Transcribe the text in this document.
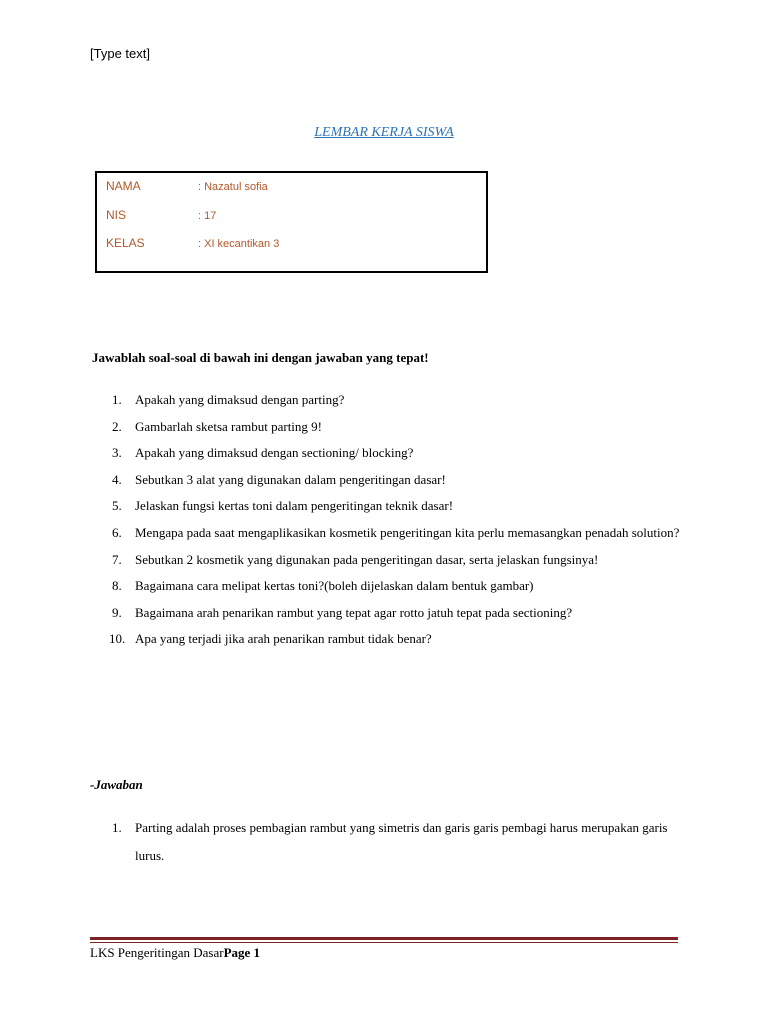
[Type text]
LEMBAR KERJA SISWA
NAMA	: Nazatul sofia
NIS	: 17
KELAS	: XI kecantikan 3
Jawablah soal-soal di bawah ini dengan jawaban yang tepat!
1.	Apakah yang dimaksud dengan parting?
2.	Gambarlah sketsa rambut parting 9!
3.	Apakah yang dimaksud dengan sectioning/ blocking?
4.	Sebutkan 3 alat yang digunakan dalam pengeritingan dasar!
5.	Jelaskan fungsi kertas toni dalam pengeritingan teknik dasar!
6.	Mengapa pada saat mengaplikasikan kosmetik pengeritingan kita perlu memasangkan penadah solution?
7.	Sebutkan 2 kosmetik yang digunakan pada pengeritingan dasar, serta jelaskan fungsinya!
8.	Bagaimana cara melipat kertas toni?(boleh dijelaskan dalam bentuk gambar)
9.	Bagaimana arah penarikan rambut yang tepat agar rotto jatuh tepat pada sectioning?
10. Apa yang terjadi jika arah penarikan rambut tidak benar?
-Jawaban
1. Parting adalah proses pembagian rambut yang simetris dan garis garis pembagi harus merupakan garis lurus.
LKS Pengeritingan DasarPage 1
